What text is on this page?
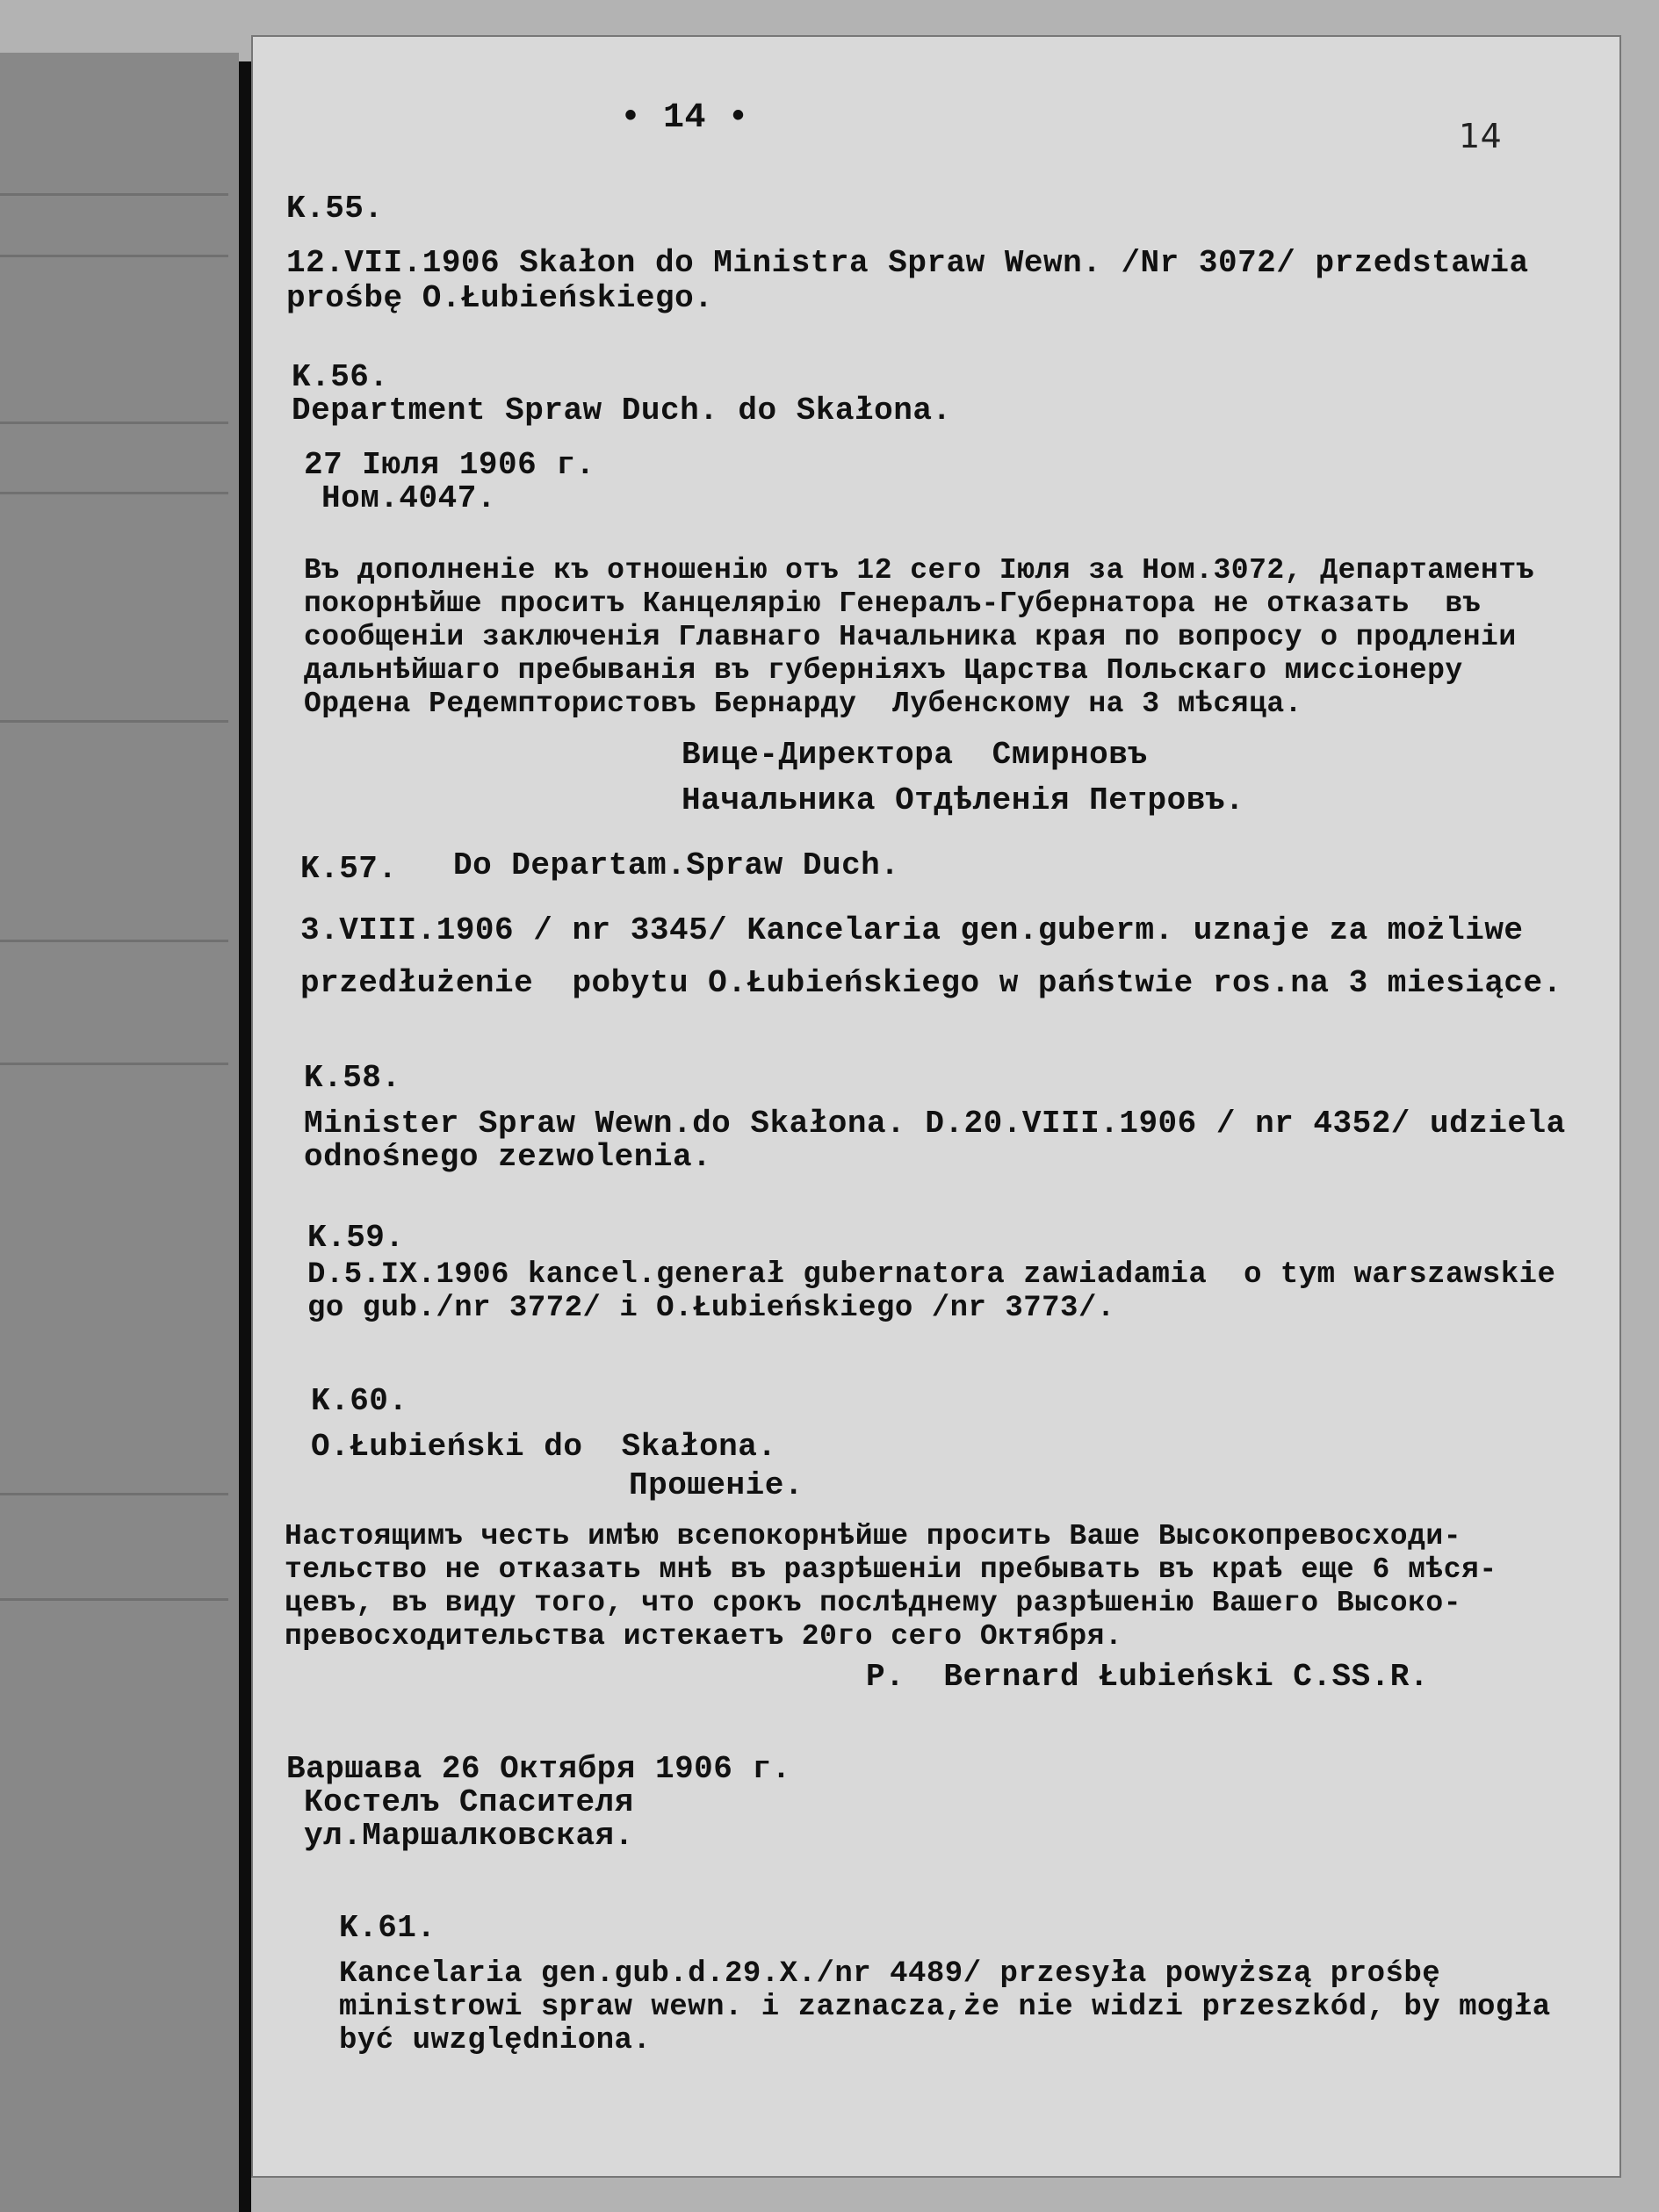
• 14 •	14
K.55.
12.VII.1906 Skałon do Ministra Spraw Wewn. /Nr 3072/ przedstawia
prośbę O.Łubieńskiego.
K.56.
Department Spraw Duch. do Skałona.
27 Іюля 1906 г.
Ном.4047.
Въ дополненіе къ отношенію отъ 12 сего Іюля за Ном.3072, Департаментъ
покорнѣйше проситъ Канцелярію Генералъ-Губернатора не отказать  въ
сообщеніи заключенія Главнаго Начальника края по вопросу о продленіи
дальнѣйшаго пребыванія въ губерніяхъ Царства Польскаго миссіонеру
Ордена Редемптористовъ Бернарду  Лубенскому на 3 мѣсяца.
Вице-Директора  Смирновъ
Начальника Отдѣленія Петровъ.
K.57. Do Departam.Spraw Duch.
3.VIII.1906 / nr 3345/ Kancelaria gen.guberm. uznaje za możliwe
przedłużenie  pobytu O.Łubieńskiego w państwie ros.na 3 miesiące.
K.58.
Minister Spraw Wewn.do Skałona. D.20.VIII.1906 / nr 4352/ udziela
odnośnego zezwolenia.
K.59.
D.5.IX.1906 kancel.generał gubernatora zawiadamia  o tym warszawskie
go gub./nr 3772/ i O.Łubieńskiego /nr 3773/.
K.60.
O.Łubieński do  Skałona.
Прошеніе.
Настоящимъ честь имѣю всепокорнѣйше просить Ваше Высокопревосходи-
тельство не отказать мнѣ въ разрѣшеніи пребывать въ краѣ еще 6 мѣся-
цевъ, въ виду того, что срокъ послѣднему разрѣшенію Вашего Высоко-
превосходительства истекаетъ 20го сего Октября.
P.  Bernard Łubieński C.SS.R.
Варшава 26 Октября 1906 г.
Костелъ Спасителя
ул.Маршалковская.
K.61.
Kancelaria gen.gub.d.29.X./nr 4489/ przesyła powyższą prośbę
ministrowi spraw wewn. i zaznacza,że nie widzi przeszkód, by mogła
być uwzględniona.
